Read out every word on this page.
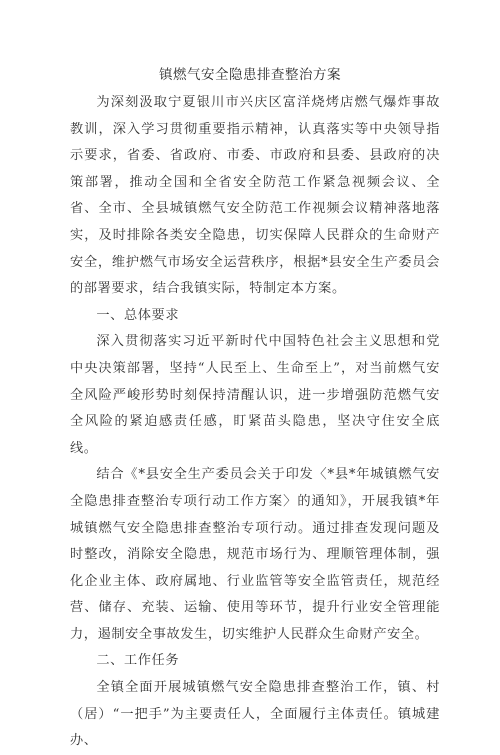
镇燃气安全隐患排查整治方案

为深刻汲取宁夏银川市兴庆区富洋烧烤店燃气爆炸事故教训，深入学习贯彻重要指示精神，认真落实等中央领导指示要求，省委、省政府、市委、市政府和县委、县政府的决策部署，推动全国和全省安全防范工作紧急视频会议、全省、全市、全县城镇燃气安全防范工作视频会议精神落地落实，及时排除各类安全隐患，切实保障人民群众的生命财产安全，维护燃气市场安全运营秩序，根据*县安全生产委员会的部署要求，结合我镇实际，特制定本方案。

一、总体要求

深入贯彻落实习近平新时代中国特色社会主义思想和党中央决策部署，坚持“人民至上、生命至上”，对当前燃气安全风险严峻形势时刻保持清醒认识，进一步增强防范燃气安全风险的紧迫感责任感，盯紧苗头隐患，坚决守住安全底线。

结合《*县安全生产委员会关于印发〈*县*年城镇燃气安全隐患排查整治专项行动工作方案〉的通知》，开展我镇*年城镇燃气安全隐患排查整治专项行动。通过排查发现问题及时整改，消除安全隐患，规范市场行为、理顺管理体制，强化企业主体、政府属地、行业监管等安全监管责任，规范经营、储存、充装、运输、使用等环节，提升行业安全管理能力，遏制安全事故发生，切实维护人民群众生命财产安全。

二、工作任务

全镇全面开展城镇燃气安全隐患排查整治工作，镇、村（居）“一把手”为主要责任人，全面履行主体责任。镇城建办、
